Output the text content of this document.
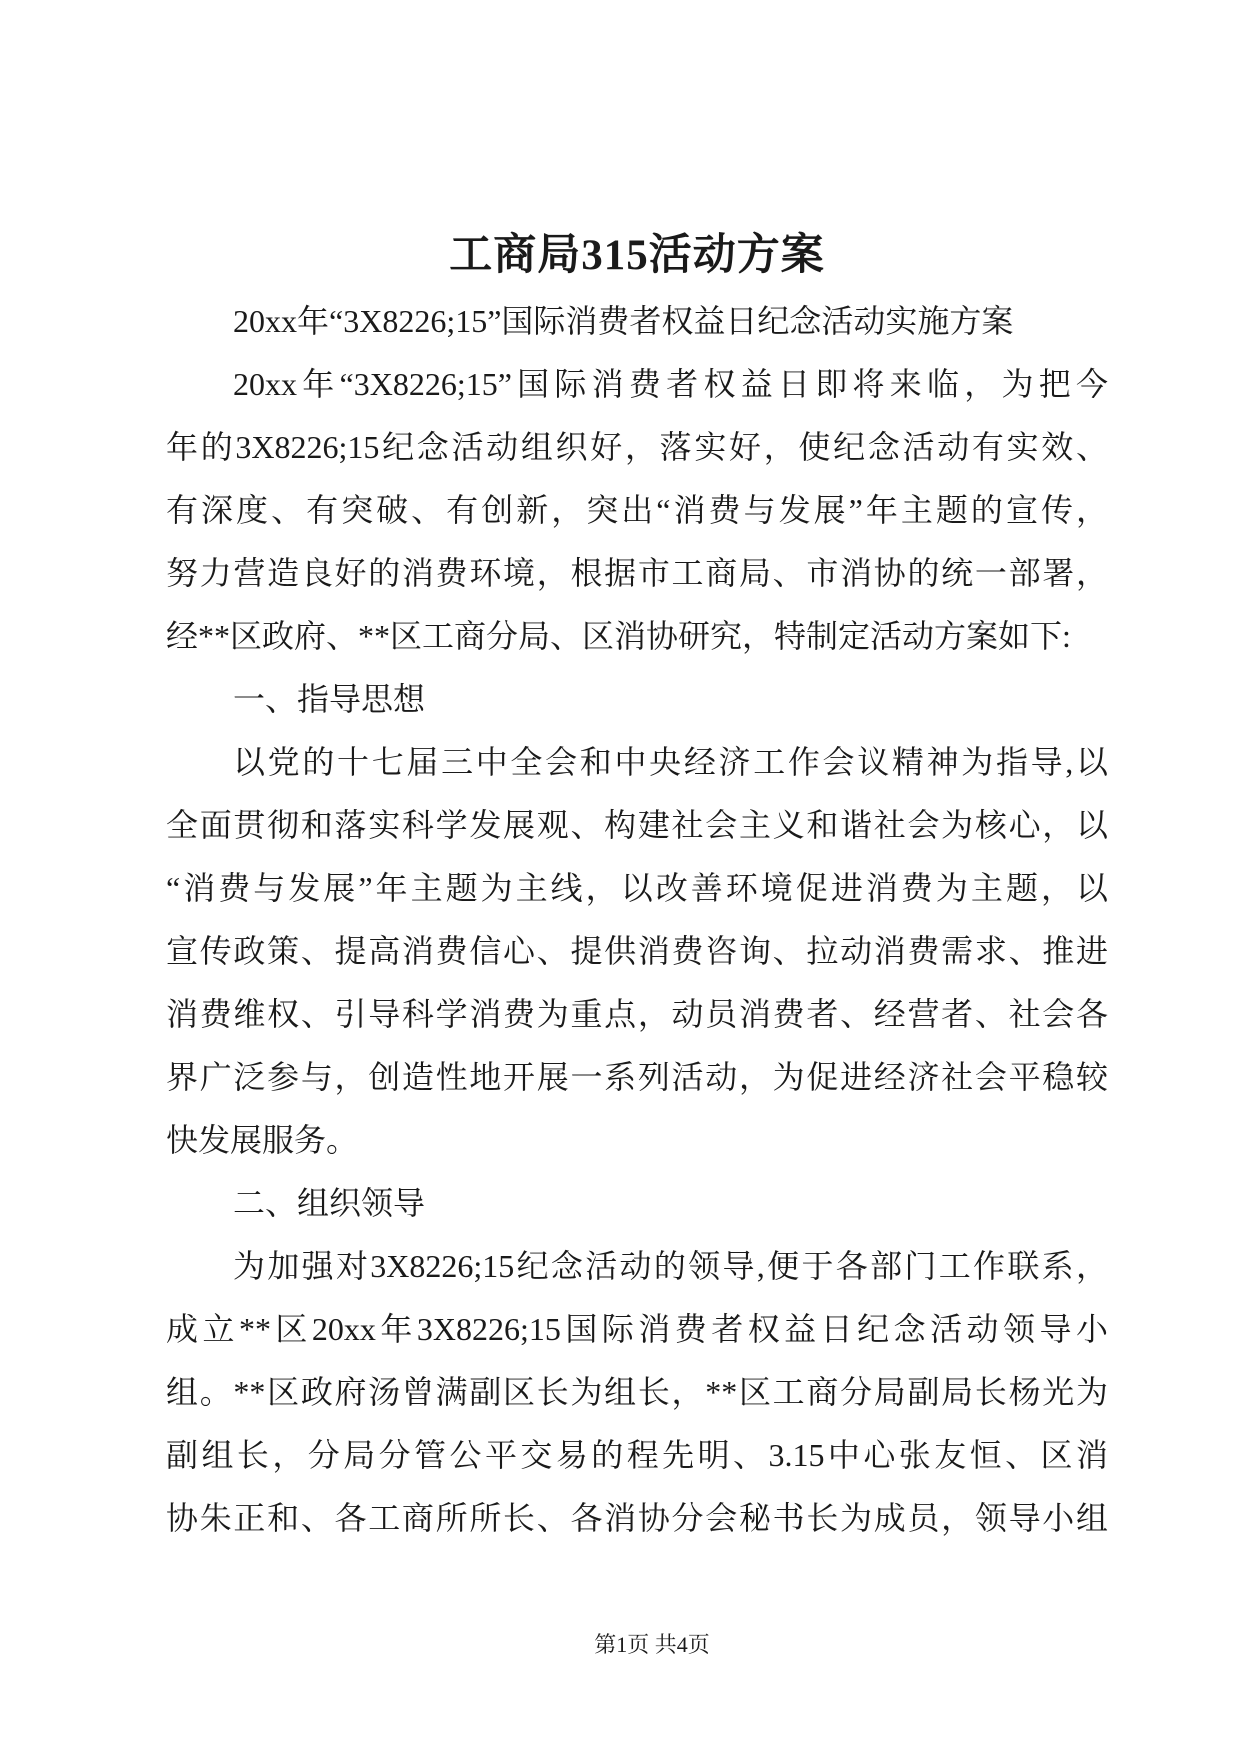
工商局315活动方案
20xx年“3X8226;15”国际消费者权益日纪念活动实施方案
20xx年“3X8226;15”国际消费者权益日即将来临，为把今
年的3X8226;15纪念活动组织好，落实好，使纪念活动有实效、
有深度、有突破、有创新，突出“消费与发展”年主题的宣传，
努力营造良好的消费环境，根据市工商局、市消协的统一部署，
经**区政府、**区工商分局、区消协研究，特制定活动方案如下:
一、指导思想
以党的十七届三中全会和中央经济工作会议精神为指导,以
全面贯彻和落实科学发展观、构建社会主义和谐社会为核心，以
“消费与发展”年主题为主线，以改善环境促进消费为主题，以
宣传政策、提高消费信心、提供消费咨询、拉动消费需求、推进
消费维权、引导科学消费为重点，动员消费者、经营者、社会各
界广泛参与，创造性地开展一系列活动，为促进经济社会平稳较
快发展服务。
二、组织领导
为加强对3X8226;15纪念活动的领导,便于各部门工作联系，
成立**区20xx年3X8226;15国际消费者权益日纪念活动领导小
组。**区政府汤曾满副区长为组长，**区工商分局副局长杨光为
副组长，分局分管公平交易的程先明、3.15中心张友恒、区消
协朱正和、各工商所所长、各消协分会秘书长为成员，领导小组
第1页 共4页
